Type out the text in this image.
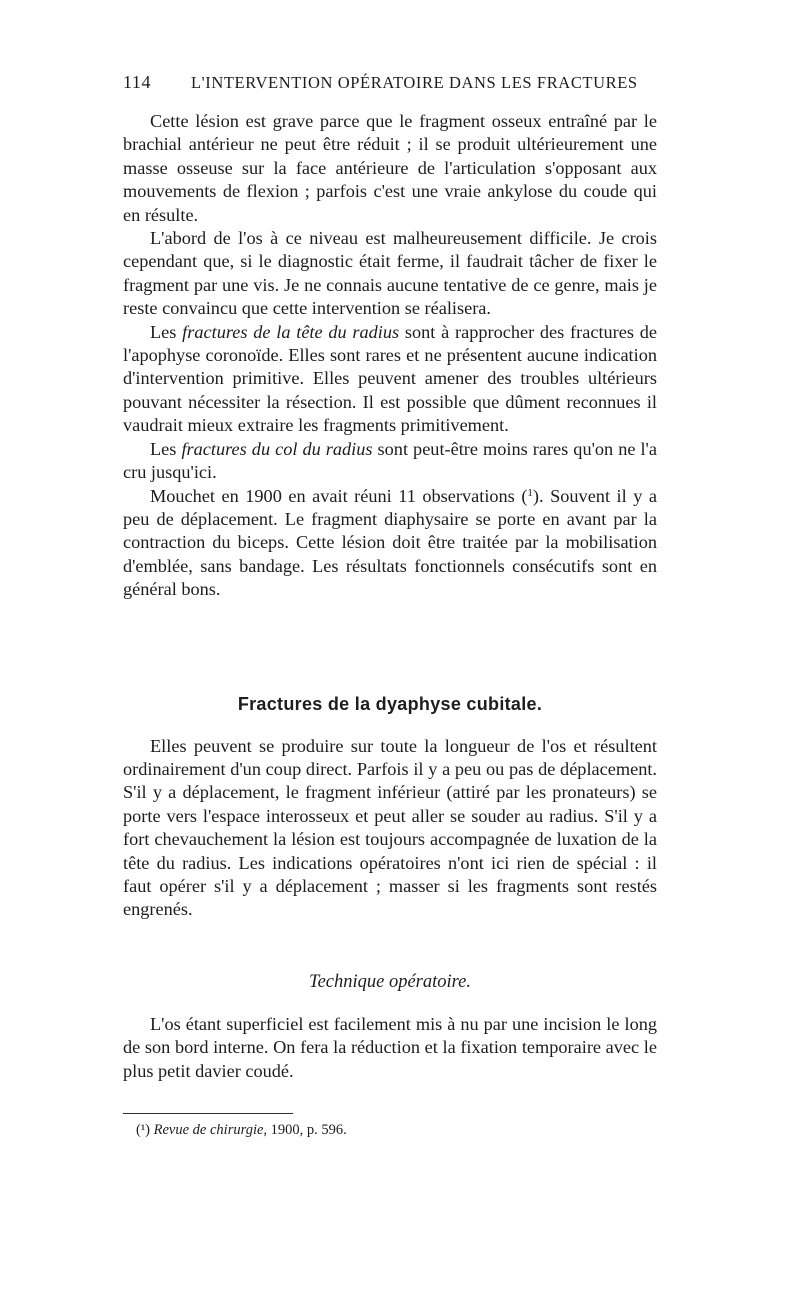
114	L'INTERVENTION OPÉRATOIRE DANS LES FRACTURES

Cette lésion est grave parce que le fragment osseux entraîné par le brachial antérieur ne peut être réduit ; il se produit ultérieurement une masse osseuse sur la face antérieure de l'articulation s'opposant aux mouvements de flexion ; parfois c'est une vraie ankylose du coude qui en résulte.

L'abord de l'os à ce niveau est malheureusement difficile. Je crois cependant que, si le diagnostic était ferme, il faudrait tâcher de fixer le fragment par une vis. Je ne connais aucune tentative de ce genre, mais je reste convaincu que cette intervention se réalisera.

Les fractures de la tête du radius sont à rapprocher des fractures de l'apophyse coronoïde. Elles sont rares et ne présentent aucune indication d'intervention primitive. Elles peuvent amener des troubles ultérieurs pouvant nécessiter la résection. Il est possible que dûment reconnues il vaudrait mieux extraire les fragments primitivement.

Les fractures du col du radius sont peut-être moins rares qu'on ne l'a cru jusqu'ici.

Mouchet en 1900 en avait réuni 11 observations ($^1$). Souvent il y a peu de déplacement. Le fragment diaphysaire se porte en avant par la contraction du biceps. Cette lésion doit être traitée par la mobilisation d'emblée, sans bandage. Les résultats fonctionnels consécutifs sont en général bons.

Fractures de la dyaphyse cubitale.

Elles peuvent se produire sur toute la longueur de l'os et résultent ordinairement d'un coup direct. Parfois il y a peu ou pas de déplacement. S'il y a déplacement, le fragment inférieur (attiré par les pronateurs) se porte vers l'espace interosseux et peut aller se souder au radius. S'il y a fort chevauchement la lésion est toujours accompagnée de luxation de la tête du radius. Les indications opératoires n'ont ici rien de spécial : il faut opérer s'il y a déplacement ; masser si les fragments sont restés engrenés.

Technique opératoire.

L'os étant superficiel est facilement mis à nu par une incision le long de son bord interne. On fera la réduction et la fixation temporaire avec le plus petit davier coudé.

(¹) Revue de chirurgie, 1900, p. 596.
